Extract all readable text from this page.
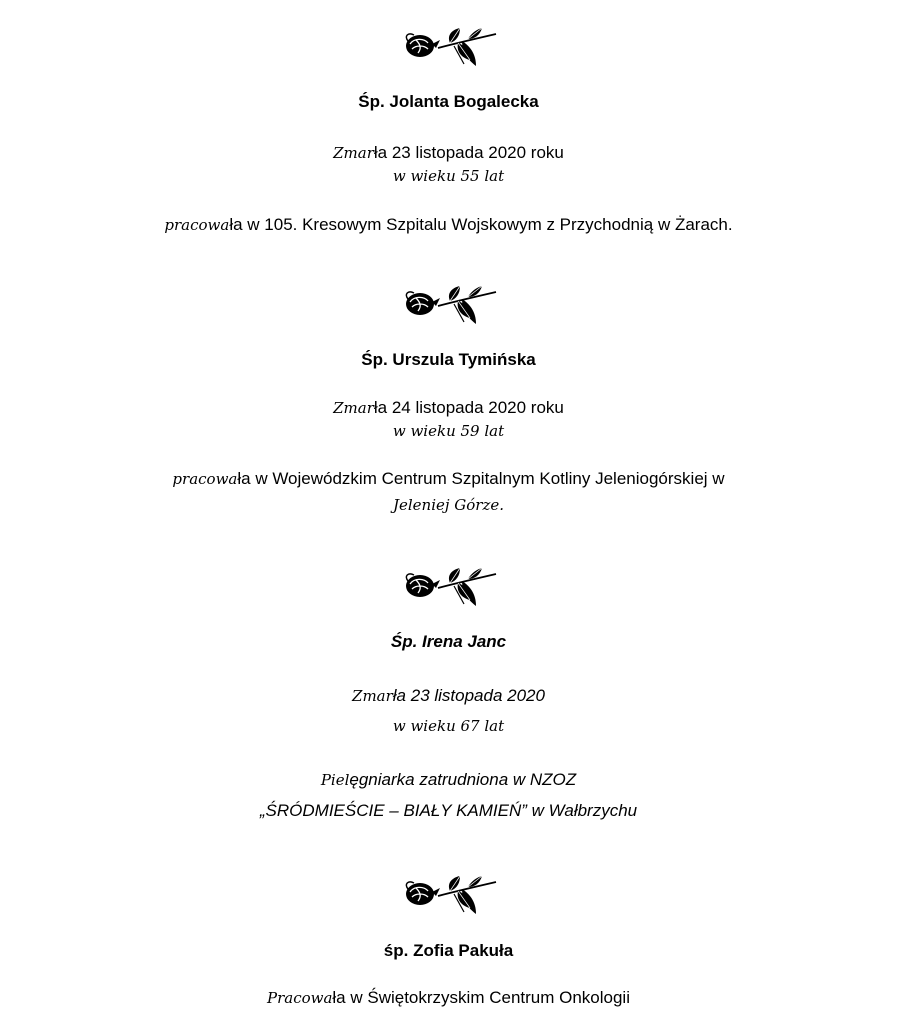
Śp. Jolanta Bogalecka
Zmarła 23 listopada 2020 roku
w wieku 55 lat
pracowała w 105. Kresowym Szpitalu Wojskowym z Przychodnią w Żarach.
Śp. Urszula Tymińska
Zmarła 24 listopada 2020 roku
w wieku 59 lat
pracowała w Wojewódzkim Centrum Szpitalnym Kotliny Jeleniogórskiej w
Jeleniej Górze.
Śp. Irena Janc
Zmarła 23 listopada 2020
w wieku 67 lat
Pielęgniarka zatrudniona w NZOZ
„ŚRÓDMIEŚCIE – BIAŁY KAMIEŃ” w Wałbrzychu
śp. Zofia Pakuła
Pracowała w Świętokrzyskim Centrum Onkologii
